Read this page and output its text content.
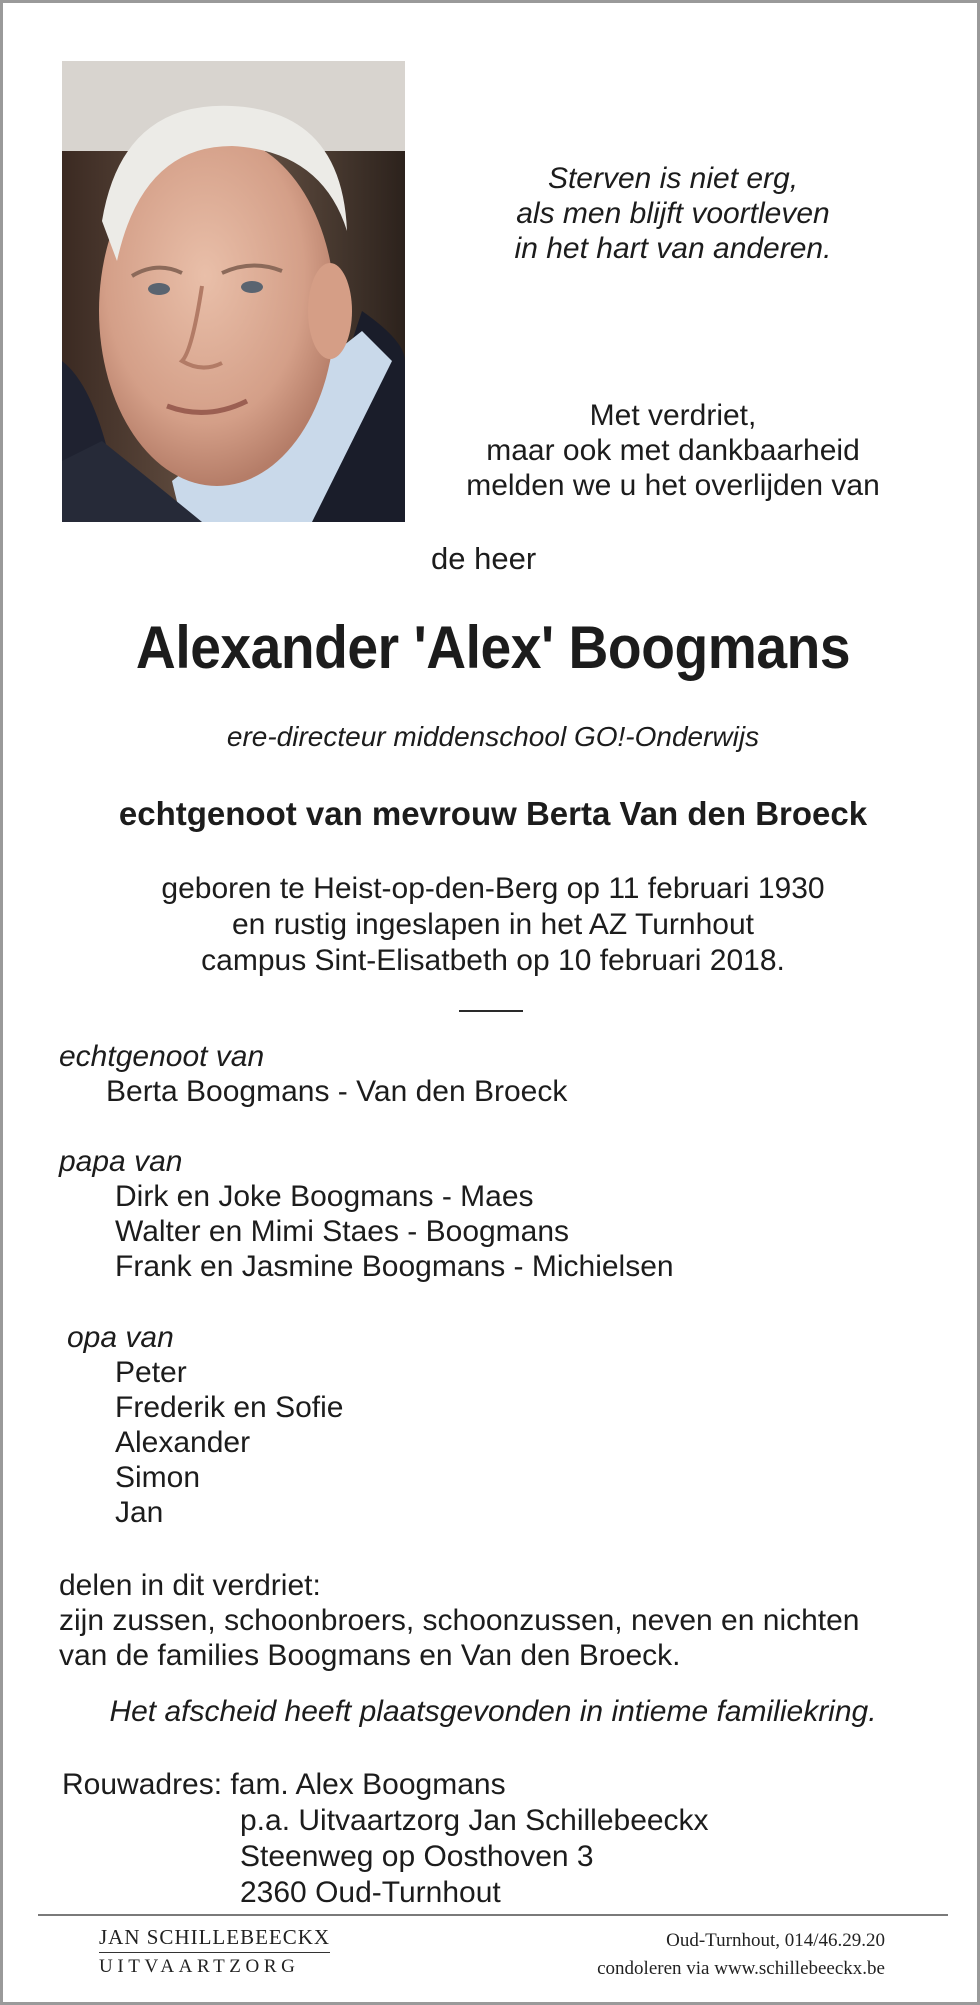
Sterven is niet erg,
als men blijft voortleven
in het hart van anderen.
Met verdriet,
maar ook met dankbaarheid
melden we u het overlijden van
de heer
Alexander 'Alex' Boogmans
ere-directeur middenschool GO!-Onderwijs
echtgenoot van mevrouw Berta Van den Broeck
geboren te Heist-op-den-Berg op 11 februari 1930
en rustig ingeslapen in het AZ Turnhout
campus Sint-Elisatbeth op 10 februari 2018.
echtgenoot van
Berta Boogmans - Van den Broeck
papa van
Dirk en Joke Boogmans - Maes
Walter en Mimi Staes - Boogmans
Frank en Jasmine Boogmans - Michielsen
opa van
Peter
Frederik en Sofie
Alexander
Simon
Jan
delen in dit verdriet:
zijn zussen, schoonbroers, schoonzussen, neven en nichten
van de families Boogmans en Van den Broeck.
Het afscheid heeft plaatsgevonden in intieme familiekring.
Rouwadres: fam. Alex Boogmans
p.a. Uitvaartzorg Jan Schillebeeckx
Steenweg op Oosthoven 3
2360 Oud-Turnhout
JAN SCHILLEBEECKX
UITVAARTZORG
Oud-Turnhout, 014/46.29.20
condoleren via www.schillebeeckx.be
